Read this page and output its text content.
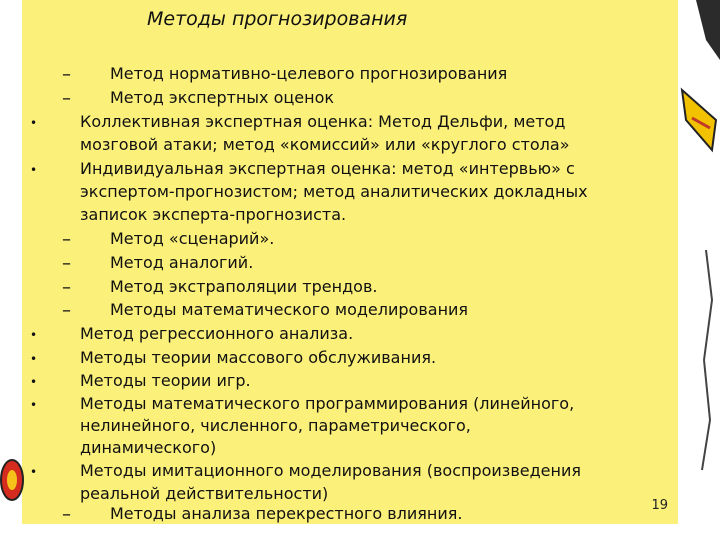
Методы прогнозирования
– Метод нормативно-целевого прогнозирования
– Метод экспертных оценок
•	Коллективная экспертная оценка: Метод Дельфи, метод
мозговой атаки; метод «комиссий» или «круглого стола»
•	Индивидуальная экспертная оценка: метод «интервью» с
экспертом-прогнозистом; метод аналитических докладных
записок эксперта-прогнозиста.
– Метод «сценарий».
– Метод аналогий.
– Метод экстраполяции трендов.
– Методы математического моделирования
•	Метод регрессионного анализа.
•	Методы теории массового обслуживания.
•	Методы теории игр.
•	Методы математического программирования (линейного,
нелинейного, численного, параметрического,
динамического)
•	Методы имитационного моделирования (воспроизведения
реальной действительности)
– Методы анализа перекрестного влияния.	19
